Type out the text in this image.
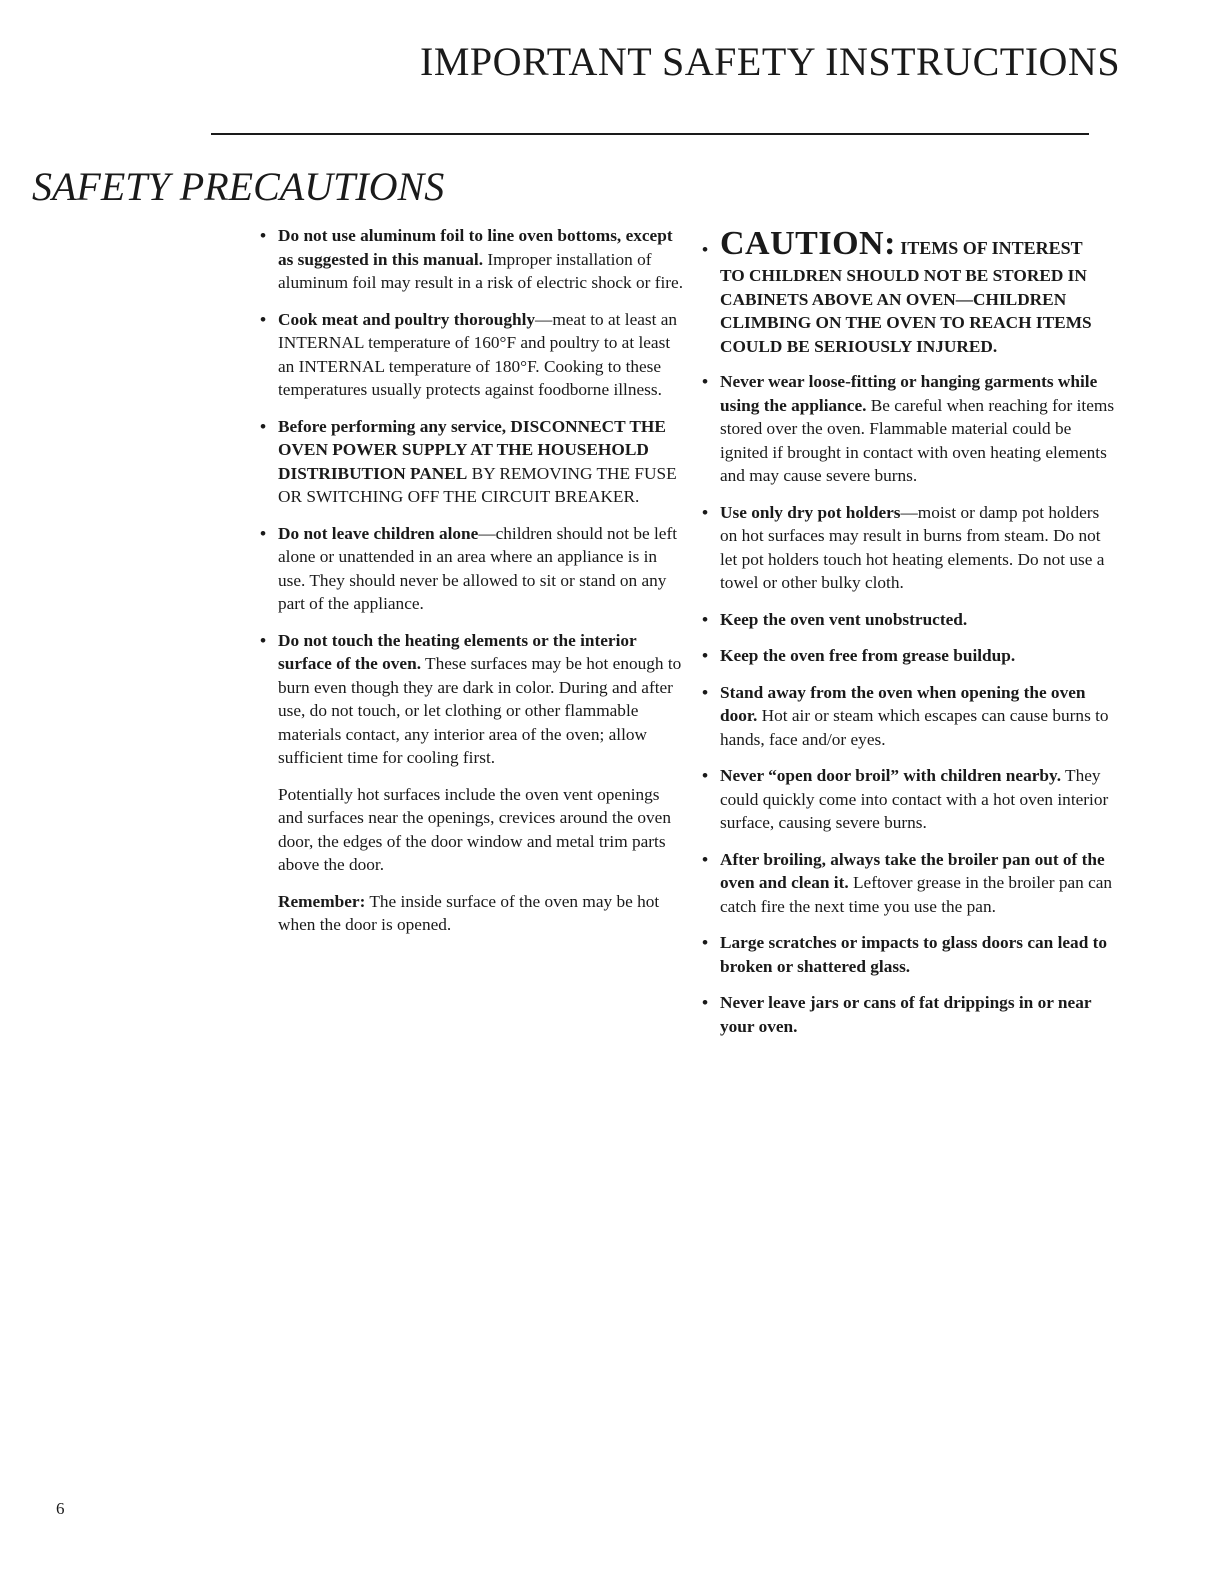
IMPORTANT SAFETY INSTRUCTIONS
SAFETY PRECAUTIONS
• Do not use aluminum foil to line oven bottoms, except as suggested in this manual. Improper installation of aluminum foil may result in a risk of electric shock or fire.
• Cook meat and poultry thoroughly—meat to at least an INTERNAL temperature of 160°F and poultry to at least an INTERNAL temperature of 180°F. Cooking to these temperatures usually protects against foodborne illness.
• Before performing any service, DISCONNECT THE OVEN POWER SUPPLY AT THE HOUSEHOLD DISTRIBUTION PANEL BY REMOVING THE FUSE OR SWITCHING OFF THE CIRCUIT BREAKER.
• Do not leave children alone—children should not be left alone or unattended in an area where an appliance is in use. They should never be allowed to sit or stand on any part of the appliance.
• Do not touch the heating elements or the interior surface of the oven. These surfaces may be hot enough to burn even though they are dark in color. During and after use, do not touch, or let clothing or other flammable materials contact, any interior area of the oven; allow sufficient time for cooling first.
Potentially hot surfaces include the oven vent openings and surfaces near the openings, crevices around the oven door, the edges of the door window and metal trim parts above the door.
Remember: The inside surface of the oven may be hot when the door is opened.
• CAUTION: ITEMS OF INTEREST
TO CHILDREN SHOULD NOT BE STORED IN CABINETS ABOVE AN OVEN—CHILDREN CLIMBING ON THE OVEN TO REACH ITEMS COULD BE SERIOUSLY INJURED.
• Never wear loose-fitting or hanging garments while using the appliance. Be careful when reaching for items stored over the oven. Flammable material could be ignited if brought in contact with oven heating elements and may cause severe burns.
• Use only dry pot holders—moist or damp pot holders on hot surfaces may result in burns from steam. Do not let pot holders touch hot heating elements. Do not use a towel or other bulky cloth.
• Keep the oven vent unobstructed.
• Keep the oven free from grease buildup.
• Stand away from the oven when opening the oven door. Hot air or steam which escapes can cause burns to hands, face and/or eyes.
• Never “open door broil” with children nearby. They could quickly come into contact with a hot oven interior surface, causing severe burns.
• After broiling, always take the broiler pan out of the oven and clean it. Leftover grease in the broiler pan can catch fire the next time you use the pan.
• Large scratches or impacts to glass doors can lead to broken or shattered glass.
• Never leave jars or cans of fat drippings in or near your oven.
6
